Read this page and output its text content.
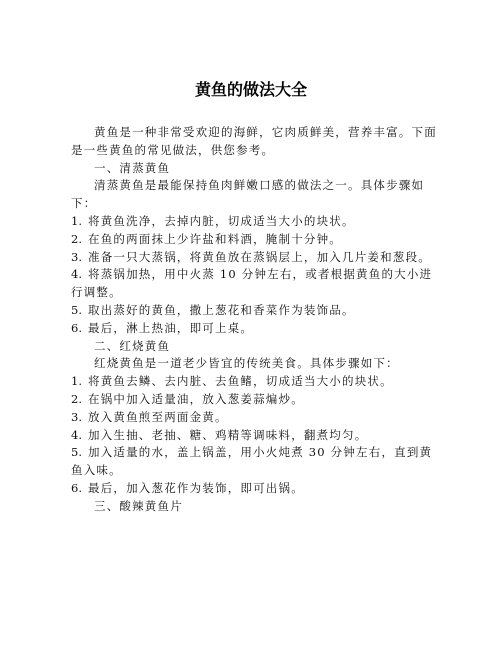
黄鱼的做法大全

黄鱼是一种非常受欢迎的海鲜，它肉质鲜美，营养丰富。下面是一些黄鱼的常见做法，供您参考。

一、清蒸黄鱼

清蒸黄鱼是最能保持鱼肉鲜嫩口感的做法之一。具体步骤如下：

1. 将黄鱼洗净，去掉内脏，切成适当大小的块状。

2. 在鱼的两面抹上少许盐和料酒，腌制十分钟。

3. 准备一只大蒸锅，将黄鱼放在蒸锅层上，加入几片姜和葱段。

4. 将蒸锅加热，用中火蒸 10 分钟左右，或者根据黄鱼的大小进行调整。

5. 取出蒸好的黄鱼，撒上葱花和香菜作为装饰品。

6. 最后，淋上热油，即可上桌。

二、红烧黄鱼

红烧黄鱼是一道老少皆宜的传统美食。具体步骤如下：

1. 将黄鱼去鳞、去内脏、去鱼鳍，切成适当大小的块状。

2. 在锅中加入适量油，放入葱姜蒜煸炒。

3. 放入黄鱼煎至两面金黄。

4. 加入生抽、老抽、糖、鸡精等调味料，翻煮均匀。

5. 加入适量的水，盖上锅盖，用小火炖煮 30 分钟左右，直到黄鱼入味。

6. 最后，加入葱花作为装饰，即可出锅。

三、酸辣黄鱼片
